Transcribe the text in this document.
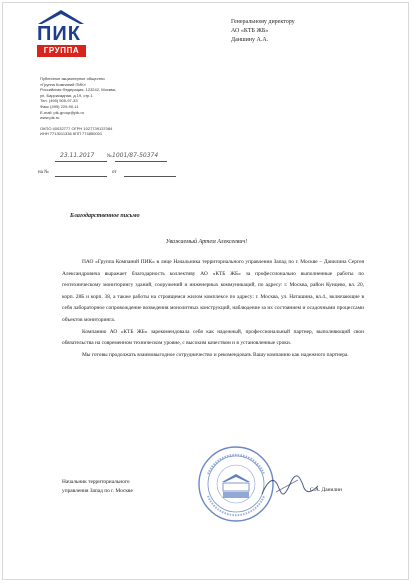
ПИК
ГРУППА
Публичное акционерное общество
«Группа Компаний ПИК»
Российская Федерация, 123242, Москва,
ул. Баррикадная, д.19, стр.1
Тел. (495) 505-97-33
Факс (495) 229-90-11
E-mail: pik-group@pik.ru
www.pik.ru
ОКПО 40032777 ОГРН 1027739137084
ИНН 7713011336 КПП 774850001
Генеральному директору
АО «КТБ ЖБ»
Даншину А.А.
23.11.2017	№ 1001/87-50374
на №	от
Благодарственное письмо
Уважаемый Артем Алексеевич!

ПАО «Группа Компаний ПИК» в лице Начальника территориального управления Запад по г. Москве – Данилина Сергея Александровича выражает благодарность коллективу АО «КТБ ЖБ» за профессионально выполненные работы по геотехническому мониторингу зданий, сооружений и инженерных коммуникаций, по адресу: г. Москва, район Кунцево, вл. 20, корп. 28Б и корп. 38, а также работы на строящемся жилом комплексе по адресу: г. Москва, ул. Наташина, вл.4., включающие в себя лабораторное сопровождение возведения монолитных конструкций, наблюдение за их состоянием и осадочными процессами объектов мониторинга.

Компанию АО «КТБ ЖБ» зарекомендовала себя как надежный, профессиональный партнер, выполняющий свои обязательства на современном техническом уровне, с высоким качеством и в установленные сроки.

Мы готовы продолжать взаимовыгодное сотрудничество и рекомендовать Вашу компанию как надежного партнера.

Начальник территориального
управления Запад по г. Москве	С.А. Данилин
